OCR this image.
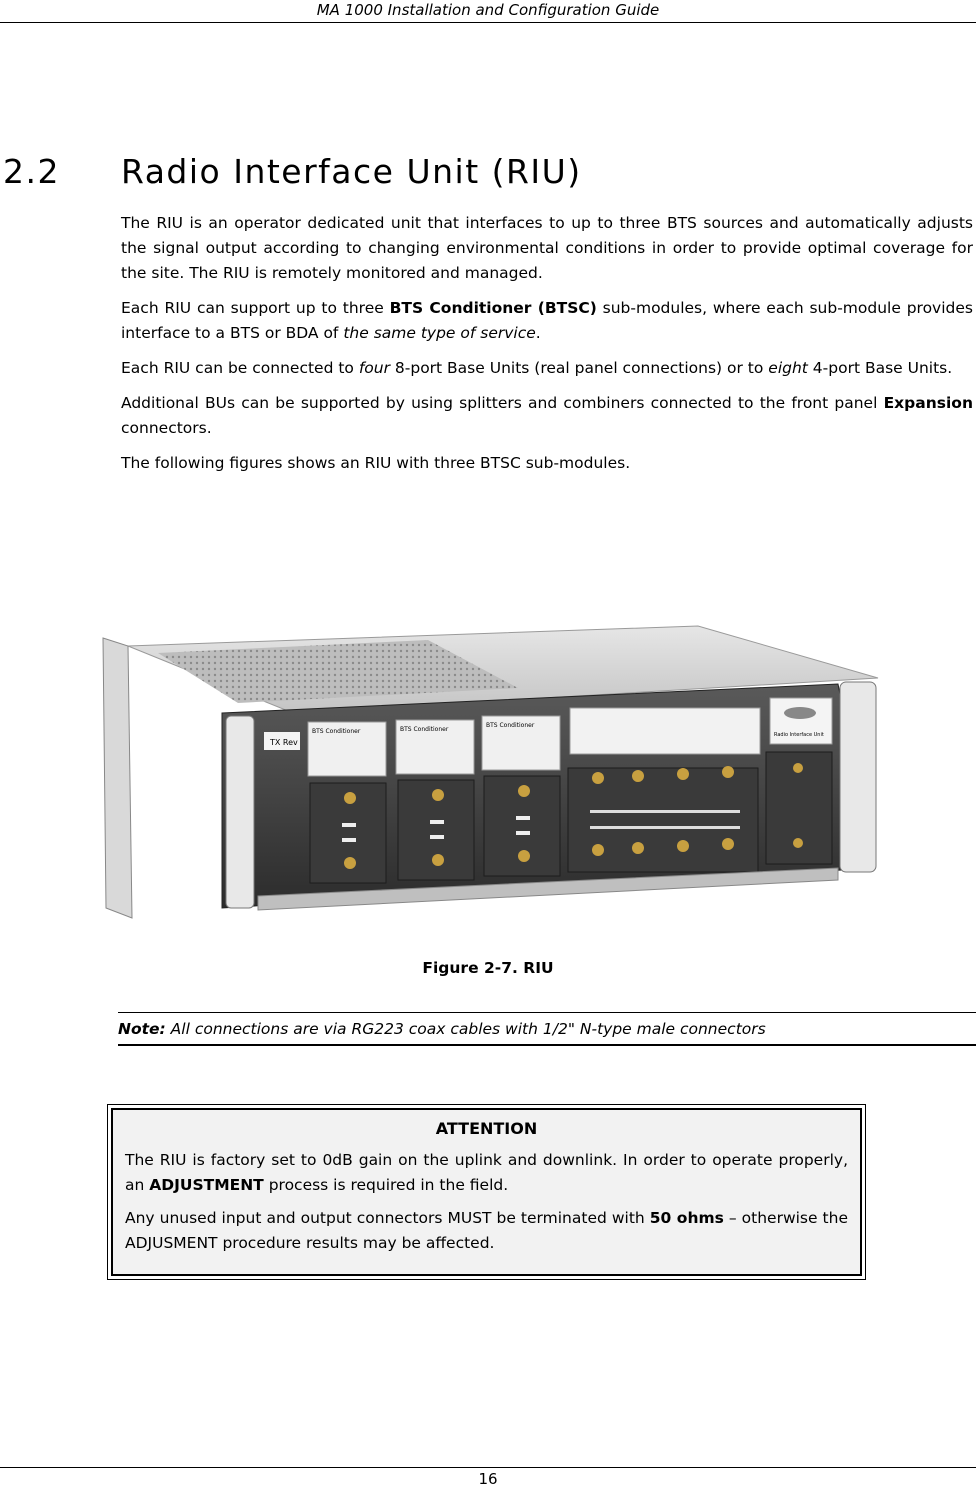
MA 1000 Installation and Configuration Guide
2.2 Radio Interface Unit (RIU)

The RIU is an operator dedicated unit that interfaces to up to three BTS sources and automatically adjusts the signal output according to changing environmental conditions in order to provide optimal coverage for the site. The RIU is remotely monitored and managed.

Each RIU can support up to three BTS Conditioner (BTSC) sub-modules, where each sub-module provides interface to a BTS or BDA of the same type of service.

Each RIU can be connected to four 8-port Base Units (real panel connections) or to eight 4-port Base Units.

Additional BUs can be supported by using splitters and combiners connected to the front panel Expansion connectors.

The following figures shows an RIU with three BTSC sub-modules.

TX Rev
BTS Conditioner	BTS Conditioner
BTS Conditioner
Radio Interface Unit
Figure 2-7. RIU
Note: All connections are via RG223 coax cables with 1/2" N-type male connectors
ATTENTION

The RIU is factory set to 0dB gain on the uplink and downlink. In order to operate properly, an ADJUSTMENT process is required in the field.

Any unused input and output connectors MUST be terminated with 50 ohms – otherwise the ADJUSMENT procedure results may be affected.

16
